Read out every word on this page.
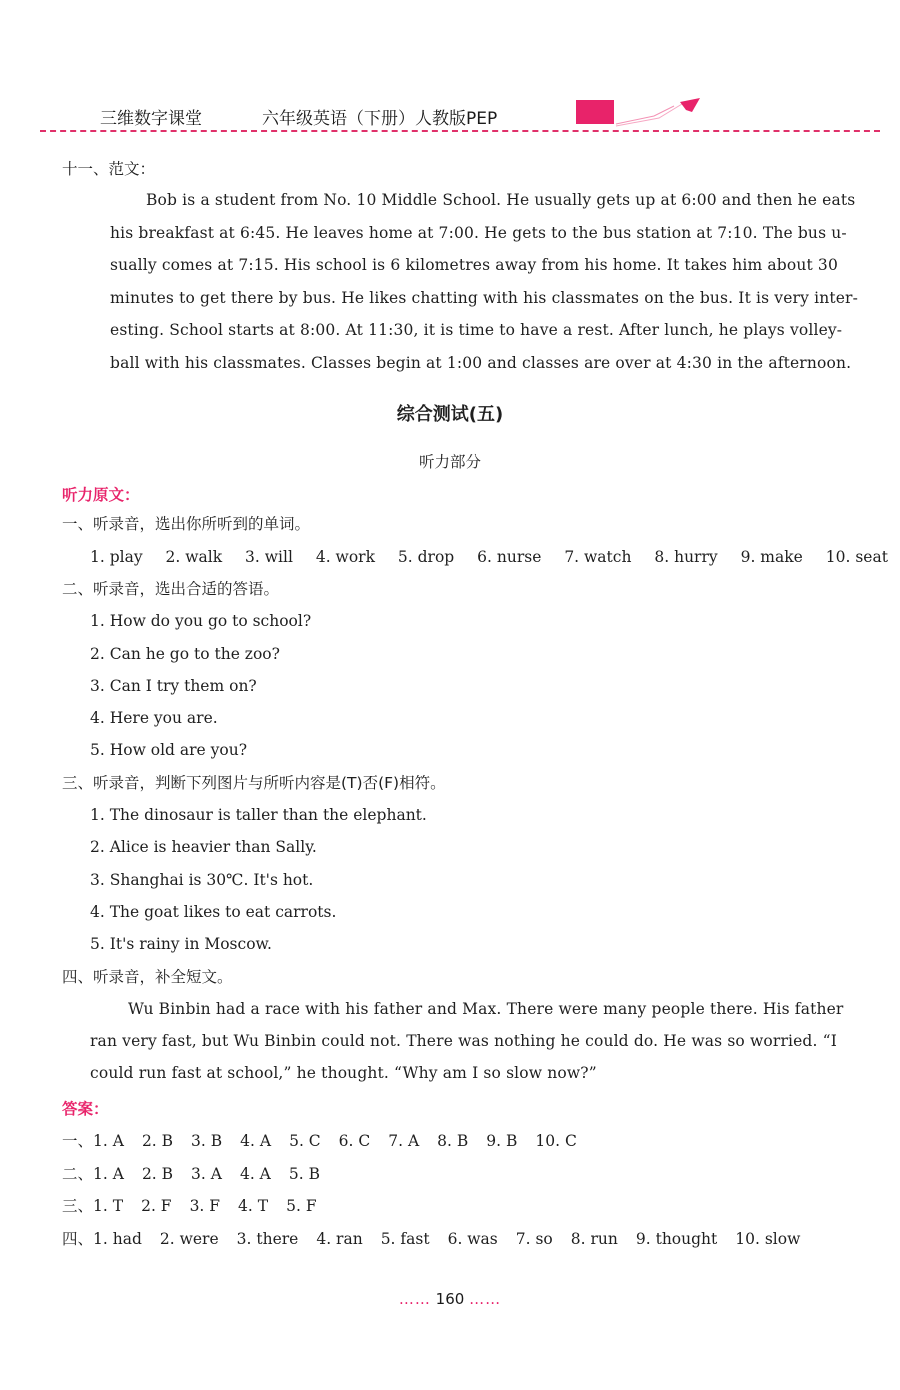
三维数字课堂	六年级英语（下册）人教版PEP
十一、范文：
Bob is a student from No. 10 Middle School. He usually gets up at 6:00 and then he eats
his breakfast at 6:45. He leaves home at 7:00. He gets to the bus station at 7:10. The bus u-
sually comes at 7:15. His school is 6 kilometres away from his home. It takes him about 30
minutes to get there by bus. He likes chatting with his classmates on the bus. It is very inter-
esting. School starts at 8:00. At 11:30, it is time to have a rest. After lunch, he plays volley-
ball with his classmates. Classes begin at 1:00 and classes are over at 4:30 in the afternoon.
综合测试(五)
听力部分
听力原文：
一、听录音，选出你所听到的单词。
1. play 2. walk 3. will 4. work 5. drop 6. nurse 7. watch 8. hurry 9. make 10. seat
二、听录音，选出合适的答语。
1. How do you go to school?
2. Can he go to the zoo?
3. Can I try them on?
4. Here you are.
5. How old are you?
三、听录音，判断下列图片与所听内容是(T)否(F)相符。
1. The dinosaur is taller than the elephant.
2. Alice is heavier than Sally.
3. Shanghai is 30℃. It's hot.
4. The goat likes to eat carrots.
5. It's rainy in Moscow.
四、听录音，补全短文。
Wu Binbin had a race with his father and Max. There were many people there. His father
ran very fast, but Wu Binbin could not. There was nothing he could do. He was so worried. “I
could run fast at school,” he thought. “Why am I so slow now?”
答案：
一、1. A 2. B 3. B 4. A 5. C 6. C 7. A 8. B 9. B 10. C
二、1. A 2. B 3. A 4. A 5. B
三、1. T 2. F 3. F 4. T 5. F
四、1. had 2. were 3. there 4. ran 5. fast 6. was 7. so 8. run 9. thought 10. slow
…… 160 ……
